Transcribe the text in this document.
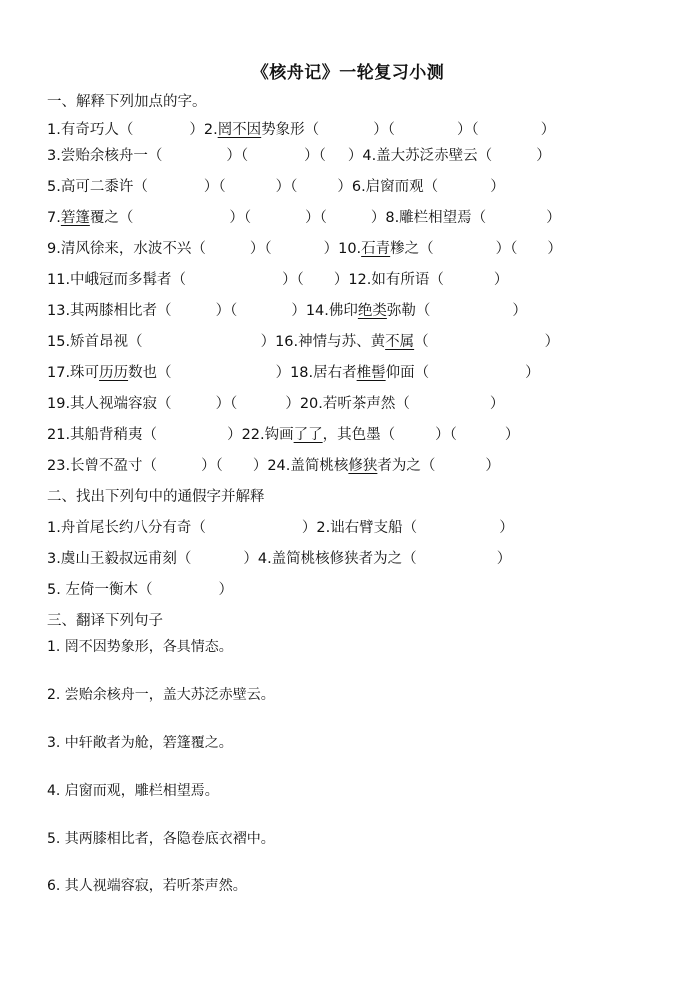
《核舟记》一轮复习小测
一、解释下列加点的字。
1.有奇巧人（	）2.罔不因势象形（	）（	）（	）
3.尝贻余核舟一（	）（	）（ ）4.盖大苏泛赤壁云（	）
5.高可二黍许（	）（	）（	）6.启窗而观（	）
7.箬篷覆之（	）（	）（	）8.雕栏相望焉（	）
9.清风徐来，水波不兴（	）（	）10.石青糁之（	）（ ）
11.中峨冠而多髯者（	）（ ）12.如有所语（	）
13.其两膝相比者（	）（	）14.佛印绝类弥勒（	）
15.矫首昂视（	）16.神情与苏、黄不属（	）
17.珠可历历数也（	）18.居右者椎髻仰面（	）
19.其人视端容寂（	）（	）20.若听茶声然（	）
21.其船背稍夷（	）22.钩画了了，其色墨（	）（	）
23.长曾不盈寸（	）（ ）24.盖简桃核修狭者为之（	）
二、找出下列句中的通假字并解释
1.舟首尾长约八分有奇（	）2.诎右臂支船（	）
3.虞山王毅叔远甫刻（	）4.盖简桃核修狭者为之（	）
5. 左倚一衡木（	）
三、翻译下列句子
1. 罔不因势象形，各具情态。
2. 尝贻余核舟一，盖大苏泛赤壁云。
3. 中轩敞者为舱，箬篷覆之。
4. 启窗而观，雕栏相望焉。
5. 其两膝相比者，各隐卷底衣褶中。
6. 其人视端容寂，若听茶声然。
